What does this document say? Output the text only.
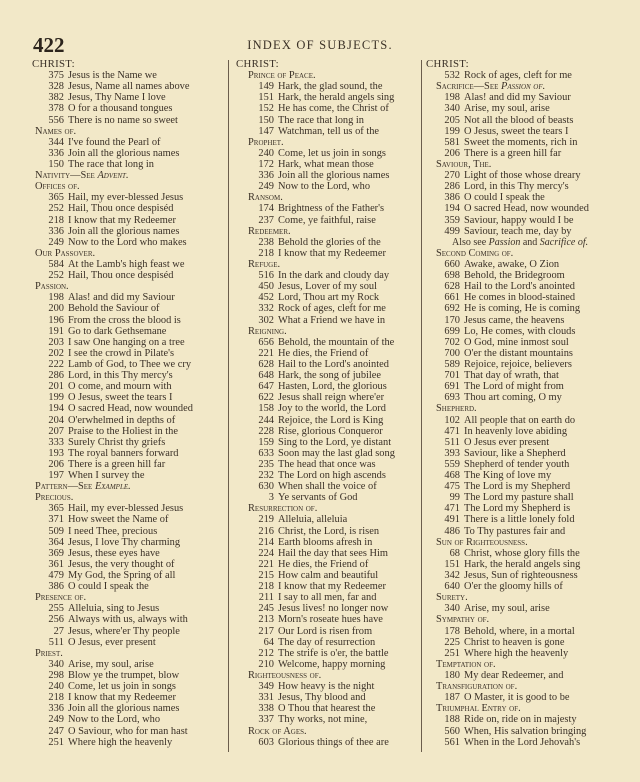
422	INDEX OF SUBJECTS.
CHRIST:
375 Jesus is the Name we
328 Jesus, Name all names above
382 Jesus, Thy Name I love
378 O for a thousand tongues
556 There is no name so sweet
Names of.
344 I've found the Pearl of
336 Join all the glorious names
150 The race that long in
Nativity—See Advent.
Offices of.
365 Hail, my ever-blessed Jesus
252 Hail, Thou once despiséd
218 I know that my Redeemer
336 Join all the glorious names
249 Now to the Lord who makes
Our Passover.
584 At the Lamb's high feast we
252 Hail, Thou once despiséd
Passion.
198 Alas! and did my Saviour
200 Behold the Saviour of
196 From the cross the blood is
191 Go to dark Gethsemane
203 I saw One hanging on a tree
202 I see the crowd in Pilate's
222 Lamb of God, to Thee we cry
286 Lord, in this Thy mercy's
201 O come, and mourn with
199 O Jesus, sweet the tears I
194 O sacred Head, now wounded
204 O'erwhelmed in depths of
207 Praise to the Holiest in the
333 Surely Christ thy griefs
193 The royal banners forward
206 There is a green hill far
197 When I survey the
Pattern—See Example.
Precious.
365 Hail, my ever-blessed Jesus
371 How sweet the Name of
509 I need Thee, precious
364 Jesus, I love Thy charming
369 Jesus, these eyes have
361 Jesus, the very thought of
479 My God, the Spring of all
386 O could I speak the
Presence of.
255 Alleluia, sing to Jesus
256 Always with us, always with
27 Jesus, where'er Thy people
511 O Jesus, ever present
Priest.
340 Arise, my soul, arise
298 Blow ye the trumpet, blow
240 Come, let us join in songs
218 I know that my Redeemer
336 Join all the glorious names
249 Now to the Lord, who
247 O Saviour, who for man hast
251 Where high the heavenly
CHRIST:
Prince of Peace.
149 Hark, the glad sound, the
151 Hark, the herald angels sing
152 He has come, the Christ of
150 The race that long in
147 Watchman, tell us of the
Prophet.
240 Come, let us join in songs
172 Hark, what mean those
336 Join all the glorious names
249 Now to the Lord, who
Ransom.
174 Brightness of the Father's
237 Come, ye faithful, raise
Redeemer.
238 Behold the glories of the
218 I know that my Redeemer
Refuge.
516 In the dark and cloudy day
450 Jesus, Lover of my soul
452 Lord, Thou art my Rock
332 Rock of ages, cleft for me
302 What a Friend we have in
Reigning.
656 Behold, the mountain of the
221 He dies, the Friend of
628 Hail to the Lord's anointed
648 Hark, the song of jubilee
647 Hasten, Lord, the glorious
622 Jesus shall reign where'er
158 Joy to the world, the Lord
244 Rejoice, the Lord is King
228 Rise, glorious Conqueror
159 Sing to the Lord, ye distant
633 Soon may the last glad song
235 The head that once was
232 The Lord on high ascends
630 When shall the voice of
3 Ye servants of God
Resurrection of.
219 Alleluia, alleluia
216 Christ, the Lord, is risen
214 Earth blooms afresh in
224 Hail the day that sees Him
221 He dies, the Friend of
215 How calm and beautiful
218 I know that my Redeemer
211 I say to all men, far and
245 Jesus lives! no longer now
213 Morn's roseate hues have
217 Our Lord is risen from
64 The day of resurrection
212 The strife is o'er, the battle
210 Welcome, happy morning
Righteousness of.
349 How heavy is the night
331 Jesus, Thy blood and
338 O Thou that hearest the
337 Thy works, not mine,
Rock of Ages.
603 Glorious things of thee are
CHRIST:
532 Rock of ages, cleft for me
Sacrifice—See Passion of.
198 Alas! and did my Saviour
340 Arise, my soul, arise
205 Not all the blood of beasts
199 O Jesus, sweet the tears I
581 Sweet the moments, rich in
206 There is a green hill far
Saviour, The.
270 Light of those whose dreary
286 Lord, in this Thy mercy's
386 O could I speak the
194 O sacred Head, now wounded
359 Saviour, happy would I be
499 Saviour, teach me, day by
Also see Passion and Sacrifice of.
Second Coming of.
660 Awake, awake, O Zion
698 Behold, the Bridegroom
628 Hail to the Lord's anointed
661 He comes in blood-stained
692 He is coming, He is coming
170 Jesus came, the heavens
699 Lo, He comes, with clouds
702 O God, mine inmost soul
700 O'er the distant mountains
589 Rejoice, rejoice, believers
701 That day of wrath, that
691 The Lord of might from
693 Thou art coming, O my
Shepherd.
102 All people that on earth do
471 In heavenly love abiding
511 O Jesus ever present
393 Saviour, like a Shepherd
559 Shepherd of tender youth
468 The King of love my
475 The Lord is my Shepherd
99 The Lord my pasture shall
471 The Lord my Shepherd is
491 There is a little lonely fold
486 To Thy pastures fair and
Sun of Righteousness.
68 Christ, whose glory fills the
151 Hark, the herald angels sing
342 Jesus, Sun of righteousness
640 O'er the gloomy hills of
Surety.
340 Arise, my soul, arise
Sympathy of.
178 Behold, where, in a mortal
225 Christ to heaven is gone
251 Where high the heavenly
Temptation of.
180 My dear Redeemer, and
Transfiguration of.
187 O Master, it is good to be
Triumphal Entry of.
188 Ride on, ride on in majesty
560 When, His salvation bringing
561 When in the Lord Jehovah's
